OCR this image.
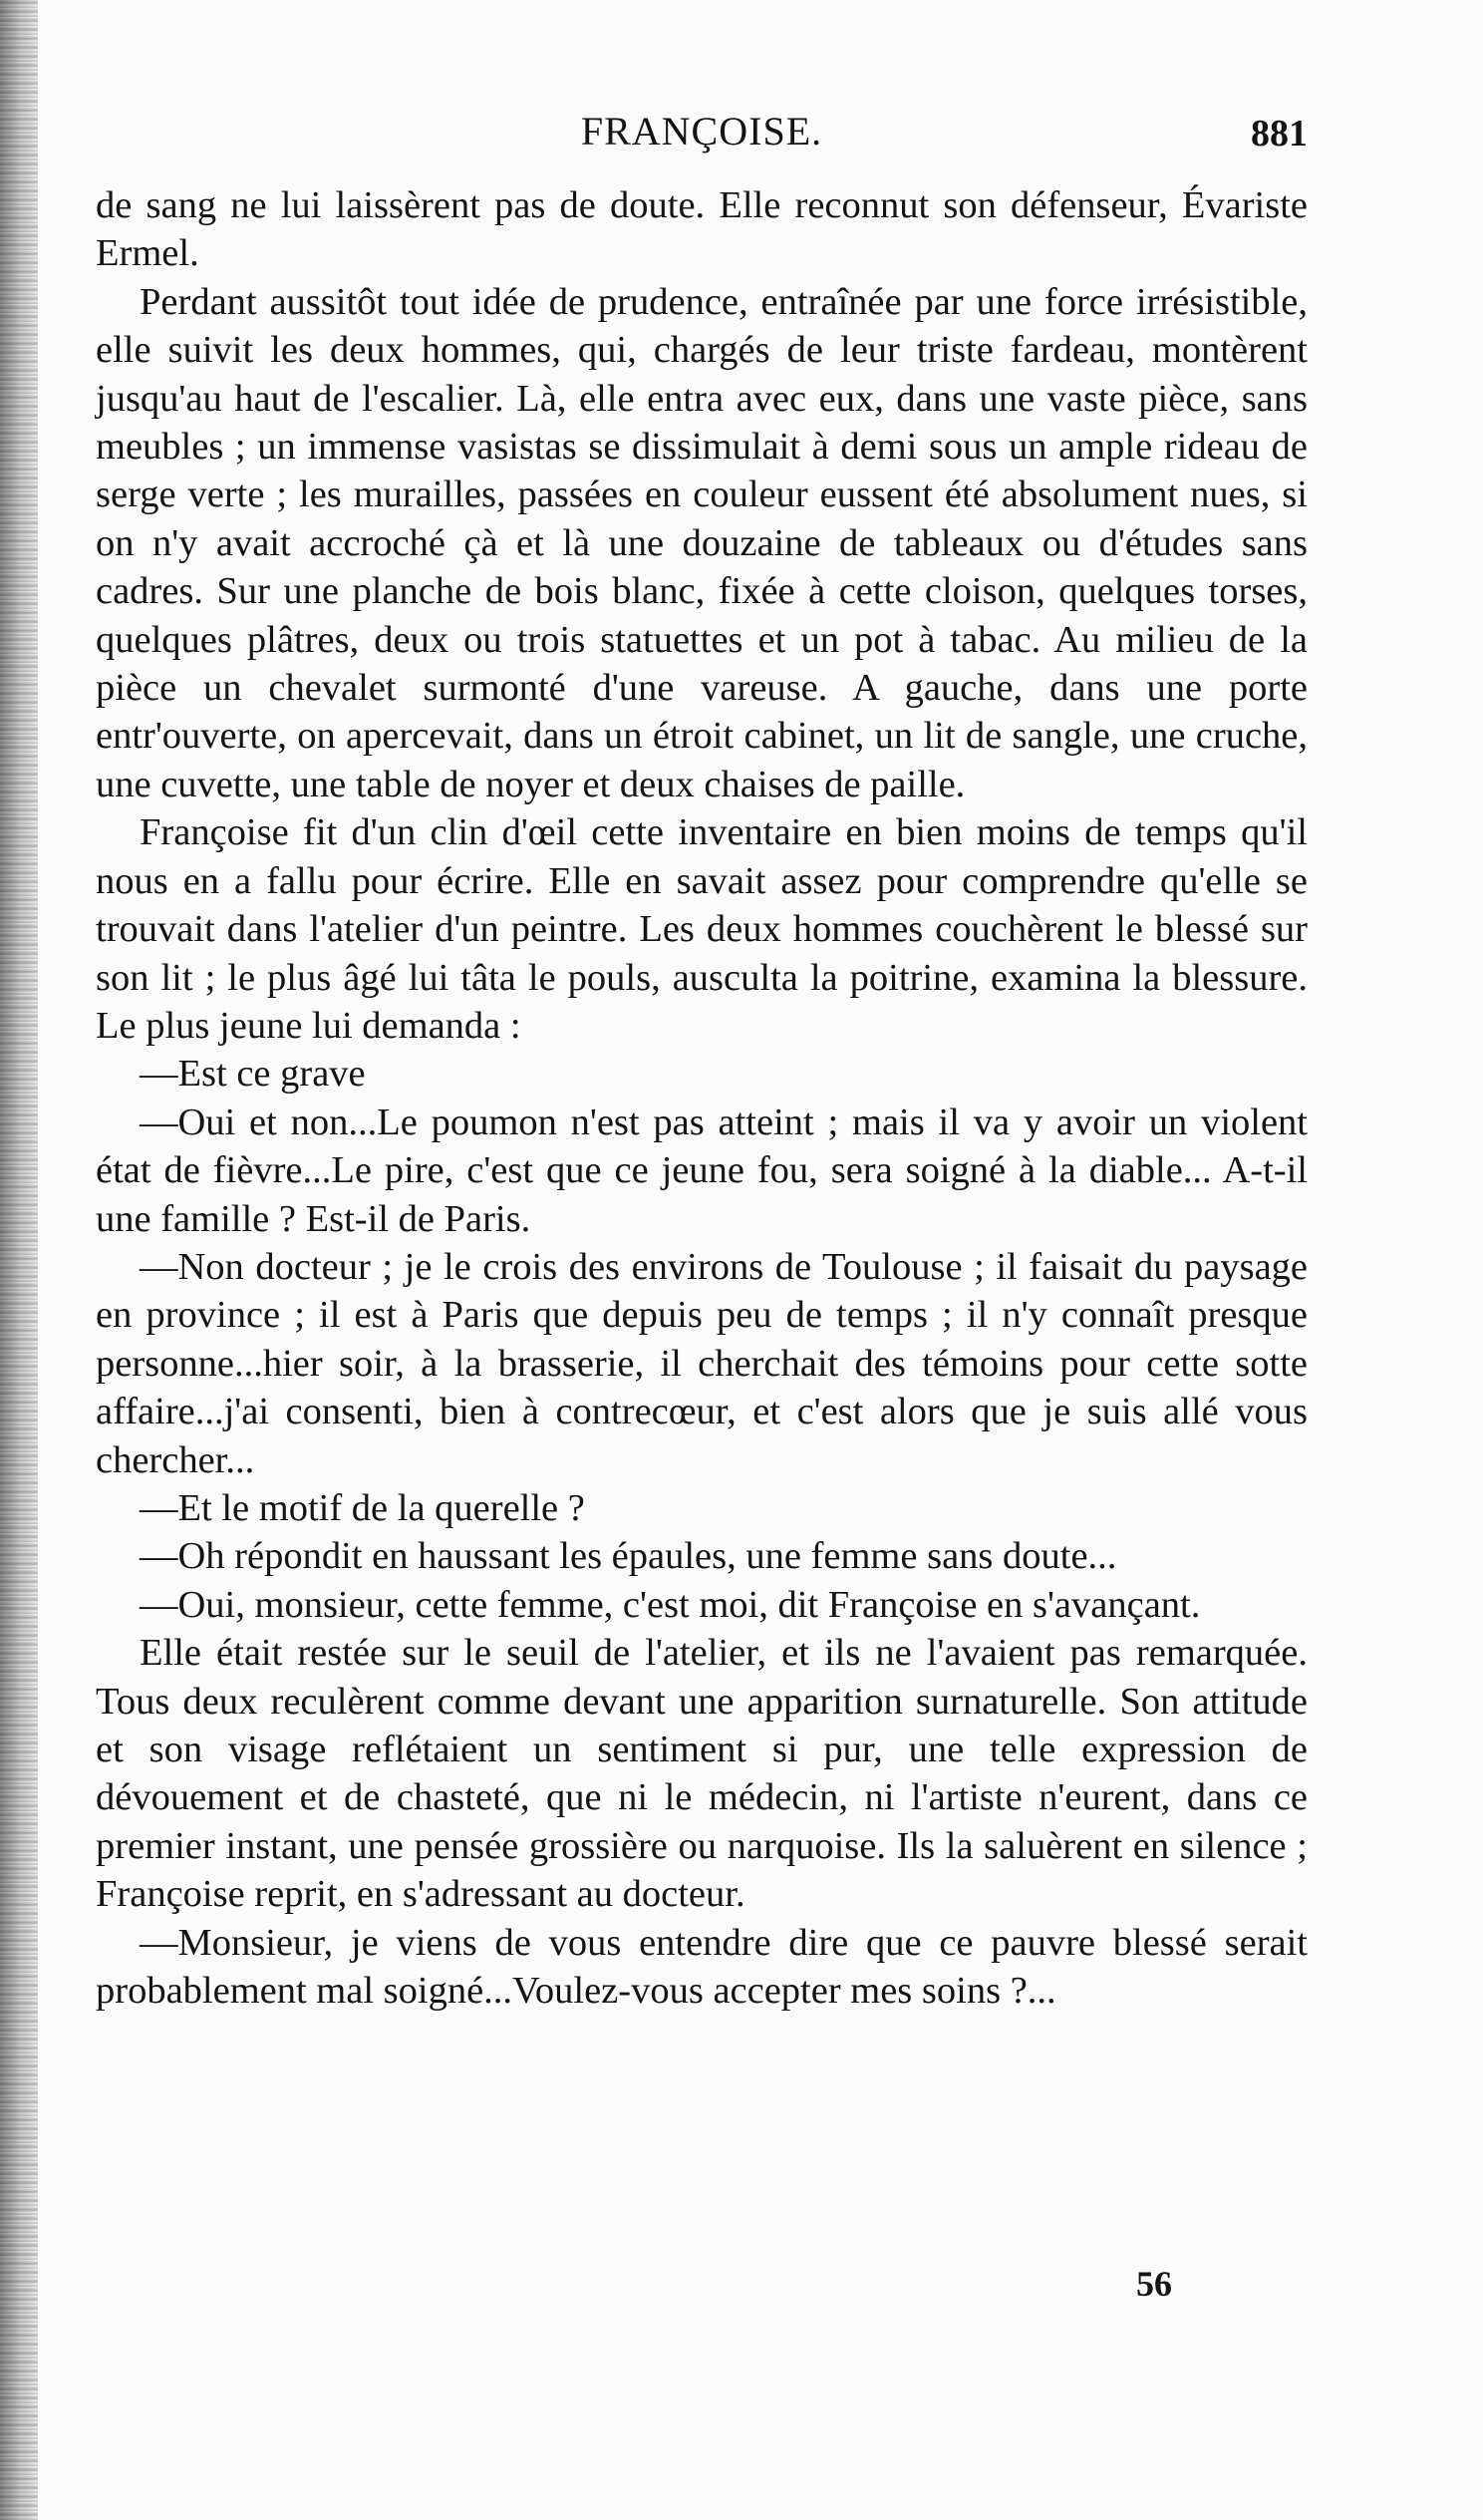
FRANÇOISE.	881

de sang ne lui laissèrent pas de doute. Elle reconnut son défenseur, Évariste Ermel.

Perdant aussitôt tout idée de prudence, entraînée par une force irrésistible, elle suivit les deux hommes, qui, chargés de leur triste fardeau, montèrent jusqu'au haut de l'escalier. Là, elle entra avec eux, dans une vaste pièce, sans meubles ; un immense vasistas se dissimulait à demi sous un ample rideau de serge verte ; les murailles, passées en couleur eussent été absolument nues, si on n'y avait accroché çà et là une douzaine de tableaux ou d'études sans cadres. Sur une planche de bois blanc, fixée à cette cloison, quelques torses, quelques plâtres, deux ou trois statuettes et un pot à tabac. Au milieu de la pièce un chevalet surmonté d'une vareuse. A gauche, dans une porte entr'ouverte, on apercevait, dans un étroit cabinet, un lit de sangle, une cruche, une cuvette, une table de noyer et deux chaises de paille.

Françoise fit d'un clin d'œil cette inventaire en bien moins de temps qu'il nous en a fallu pour écrire. Elle en savait assez pour comprendre qu'elle se trouvait dans l'atelier d'un peintre. Les deux hommes couchèrent le blessé sur son lit ; le plus âgé lui tâta le pouls, ausculta la poitrine, examina la blessure. Le plus jeune lui demanda :

—Est ce grave

—Oui et non...Le poumon n'est pas atteint ; mais il va y avoir un violent état de fièvre...Le pire, c'est que ce jeune fou, sera soigné à la diable... A-t-il une famille ? Est-il de Paris.

—Non docteur ; je le crois des environs de Toulouse ; il faisait du paysage en province ; il est à Paris que depuis peu de temps ; il n'y connaît presque personne...hier soir, à la brasserie, il cherchait des témoins pour cette sotte affaire...j'ai consenti, bien à contrecœur, et c'est alors que je suis allé vous chercher...

—Et le motif de la querelle ?

—Oh répondit en haussant les épaules, une femme sans doute...

—Oui, monsieur, cette femme, c'est moi, dit Françoise en s'avançant.

Elle était restée sur le seuil de l'atelier, et ils ne l'avaient pas remarquée. Tous deux reculèrent comme devant une apparition surnaturelle. Son attitude et son visage reflétaient un sentiment si pur, une telle expression de dévouement et de chasteté, que ni le médecin, ni l'artiste n'eurent, dans ce premier instant, une pensée grossière ou narquoise. Ils la saluèrent en silence ; Françoise reprit, en s'adressant au docteur.

—Monsieur, je viens de vous entendre dire que ce pauvre blessé serait probablement mal soigné...Voulez-vous accepter mes soins ?...

56
